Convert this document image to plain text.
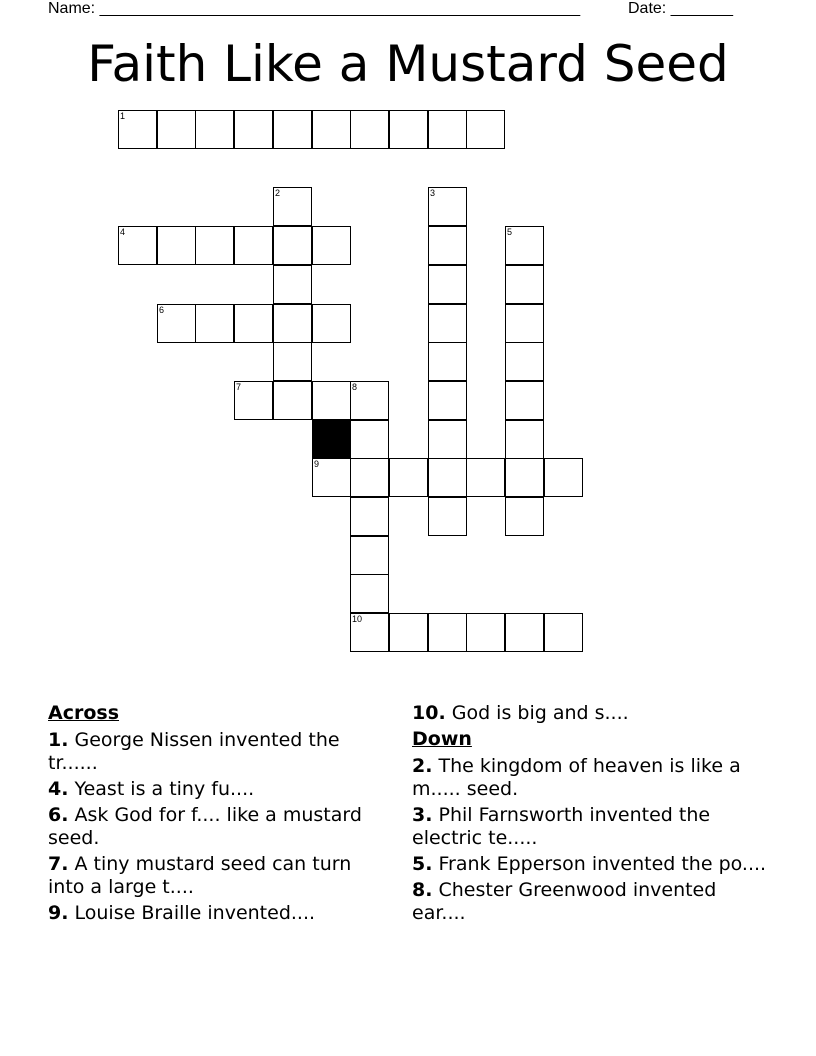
Name: ______________________________________________________	Date: _______
Faith Like a Mustard Seed
1
2	3
4	5
6
7	8
9
10
Across
1. George Nissen invented the tr......
4. Yeast is a tiny fu....
6. Ask God for f.... like a mustard seed.
7. A tiny mustard seed can turn into a large t....
9. Louise Braille invented....
10. God is big and s....
Down
2. The kingdom of heaven is like a m..... seed.
3. Phil Farnsworth invented the electric te.....
5. Frank Epperson invented the po....
8. Chester Greenwood invented ear....
